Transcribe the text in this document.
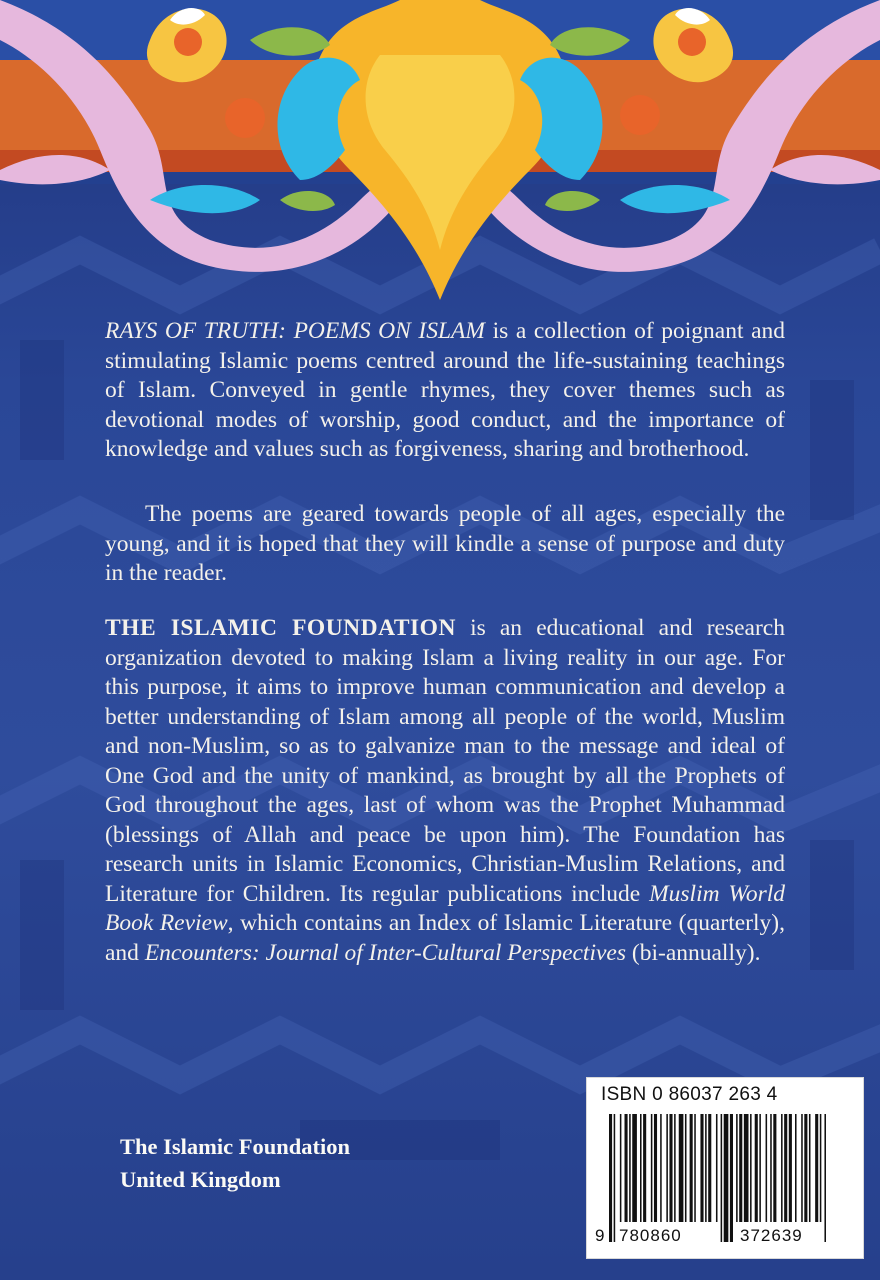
RAYS OF TRUTH: POEMS ON ISLAM is a collection of poignant and stimulating Islamic poems centred around the life-sustaining teachings of Islam. Conveyed in gentle rhymes, they cover themes such as devotional modes of worship, good conduct, and the importance of knowledge and values such as forgiveness, sharing and brotherhood.

The poems are geared towards people of all ages, especially the young, and it is hoped that they will kindle a sense of purpose and duty in the reader.

THE ISLAMIC FOUNDATION is an educational and research organization devoted to making Islam a living reality in our age. For this purpose, it aims to improve human communication and develop a better understanding of Islam among all people of the world, Muslim and non-Muslim, so as to galvanize man to the message and ideal of One God and the unity of mankind, as brought by all the Prophets of God throughout the ages, last of whom was the Prophet Muhammad (blessings of Allah and peace be upon him). The Foundation has research units in Islamic Economics, Christian-Muslim Relations, and Literature for Children. Its regular publications include Muslim World Book Review, which contains an Index of Islamic Literature (quarterly), and Encounters: Journal of Inter-Cultural Perspectives (bi-annually).

The Islamic Foundation
United Kingdom
ISBN 0 86037 263 4
9 780860	372639
